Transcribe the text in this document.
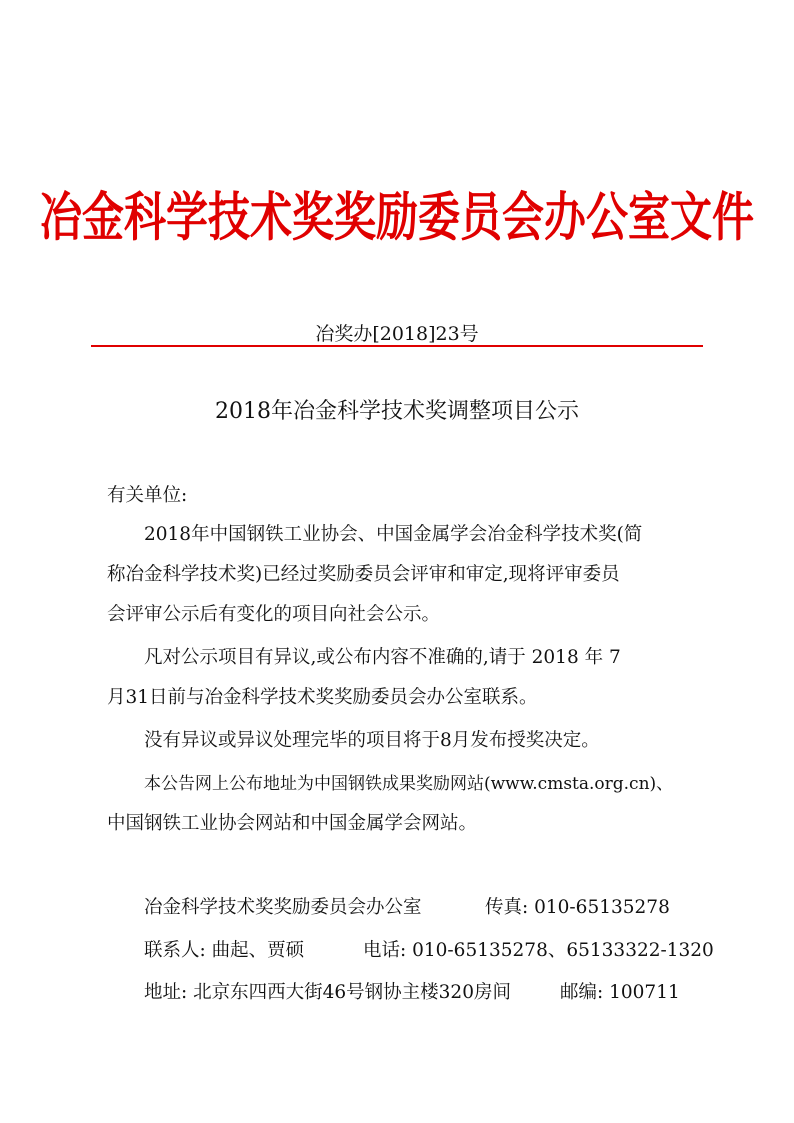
冶金科学技术奖奖励委员会办公室文件
冶奖办[2018]23号
2018年冶金科学技术奖调整项目公示
有关单位:
2018年中国钢铁工业协会、中国金属学会冶金科学技术奖(简
称冶金科学技术奖)已经过奖励委员会评审和审定,现将评审委员
会评审公示后有变化的项目向社会公示。
凡对公示项目有异议,或公布内容不准确的,请于 2018 年 7
月31日前与冶金科学技术奖奖励委员会办公室联系。
没有异议或异议处理完毕的项目将于8月发布授奖决定。
本公告网上公布地址为中国钢铁成果奖励网站(www.cmsta.org.cn)、
中国钢铁工业协会网站和中国金属学会网站。
冶金科学技术奖奖励委员会办公室	传真: 010-65135278
联系人: 曲起、贾硕	电话: 010-65135278、65133322-1320
地址: 北京东四西大街46号钢协主楼320房间	邮编: 100711
